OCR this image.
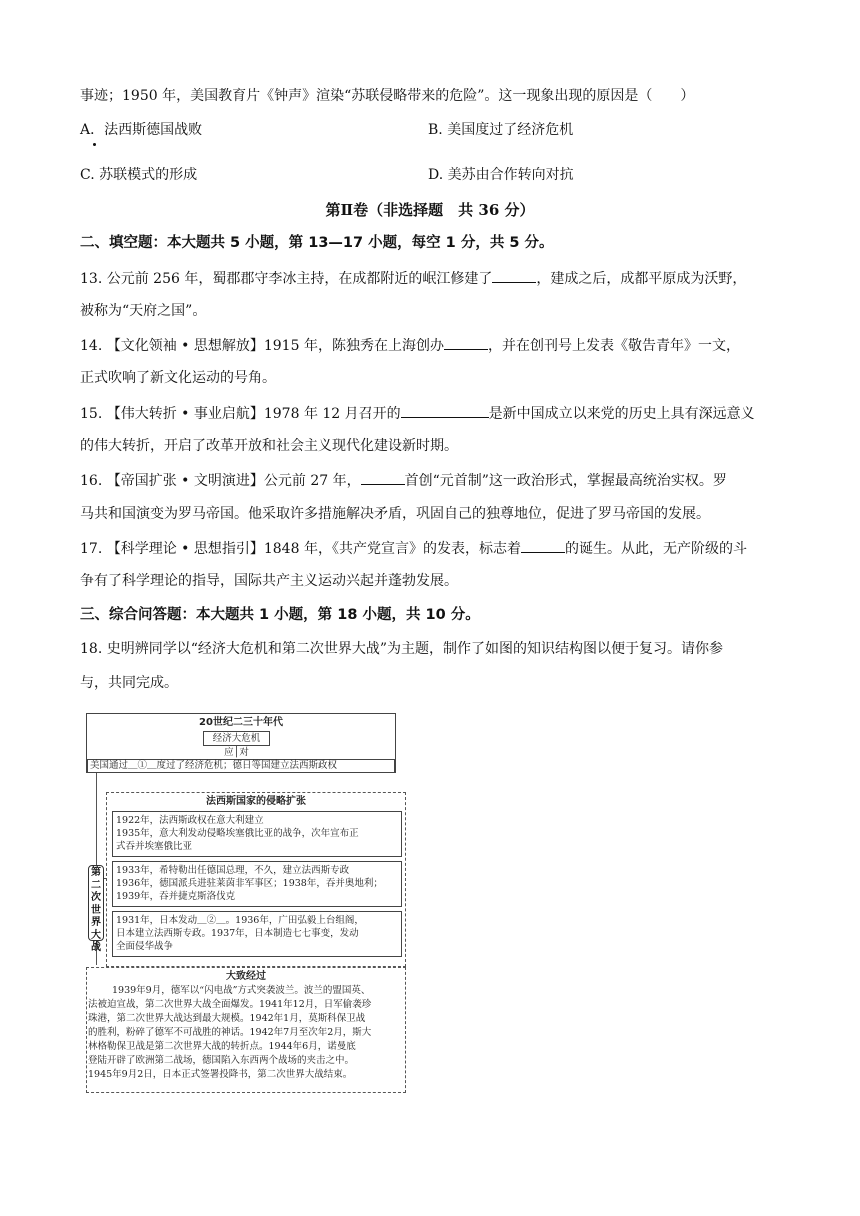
事迹；1950 年，美国教育片《钟声》渲染“苏联侵略带来的危险”。这一现象出现的原因是（　　）
A．法西斯德国战败	B. 美国度过了经济危机
C. 苏联模式的形成	D. 美苏由合作转向对抗
第Ⅱ卷（非选择题　共 36 分）
二、填空题：本大题共 5 小题，第 13—17 小题，每空 1 分，共 5 分。
13. 公元前 256 年，蜀郡郡守李冰主持，在成都附近的岷江修建了	，建成之后，成都平原成为沃野，
被称为“天府之国”。
14. 【文化领袖 • 思想解放】1915 年，陈独秀在上海创办	，并在创刊号上发表《敬告青年》一文，
正式吹响了新文化运动的号角。
15. 【伟大转折 • 事业启航】1978 年 12 月召开的	是新中国成立以来党的历史上具有深远意义
的伟大转折，开启了改革开放和社会主义现代化建设新时期。
16. 【帝国扩张 • 文明演进】公元前 27 年，	首创“元首制”这一政治形式，掌握最高统治实权。罗
马共和国演变为罗马帝国。他采取许多措施解决矛盾，巩固自己的独尊地位，促进了罗马帝国的发展。
17. 【科学理论 • 思想指引】1848 年，《共产党宣言》的发表，标志着	的诞生。从此，无产阶级的斗
争有了科学理论的指导，国际共产主义运动兴起并蓬勃发展。
三、综合问答题：本大题共 1 小题，第 18 小题，共 10 分。
18. 史明辨同学以“经济大危机和第二次世界大战”为主题，制作了如图的知识结构图以便于复习。请你参
与，共同完成。
20世纪二三十年代
经济大危机
应│对
美国通过＿①＿度过了经济危机；德日等国建立法西斯政权
第
二
次
世
界
大
战
法西斯国家的侵略扩张
1922年，法西斯政权在意大利建立
1935年，意大利发动侵略埃塞俄比亚的战争，次年宣布正
式吞并埃塞俄比亚
1933年，希特勒出任德国总理，不久，建立法西斯专政
1936年，德国派兵进驻莱茵非军事区；1938年，吞并奥地利；
1939年，吞并捷克斯洛伐克
1931年，日本发动＿②＿。1936年，广田弘毅上台组阁，
日本建立法西斯专政。1937年，日本制造七七事变，发动
全面侵华战争
大致经过
1939年9月，德军以“闪电战”方式突袭波兰。波兰的盟国英、
法被迫宣战，第二次世界大战全面爆发。1941年12月，日军偷袭珍
珠港，第二次世界大战达到最大规模。1942年1月，莫斯科保卫战
的胜利，粉碎了德军不可战胜的神话。1942年7月至次年2月，斯大
林格勒保卫战是第二次世界大战的转折点。1944年6月，诺曼底
登陆开辟了欧洲第二战场，德国陷入东西两个战场的夹击之中。
1945年9月2日，日本正式签署投降书，第二次世界大战结束。
